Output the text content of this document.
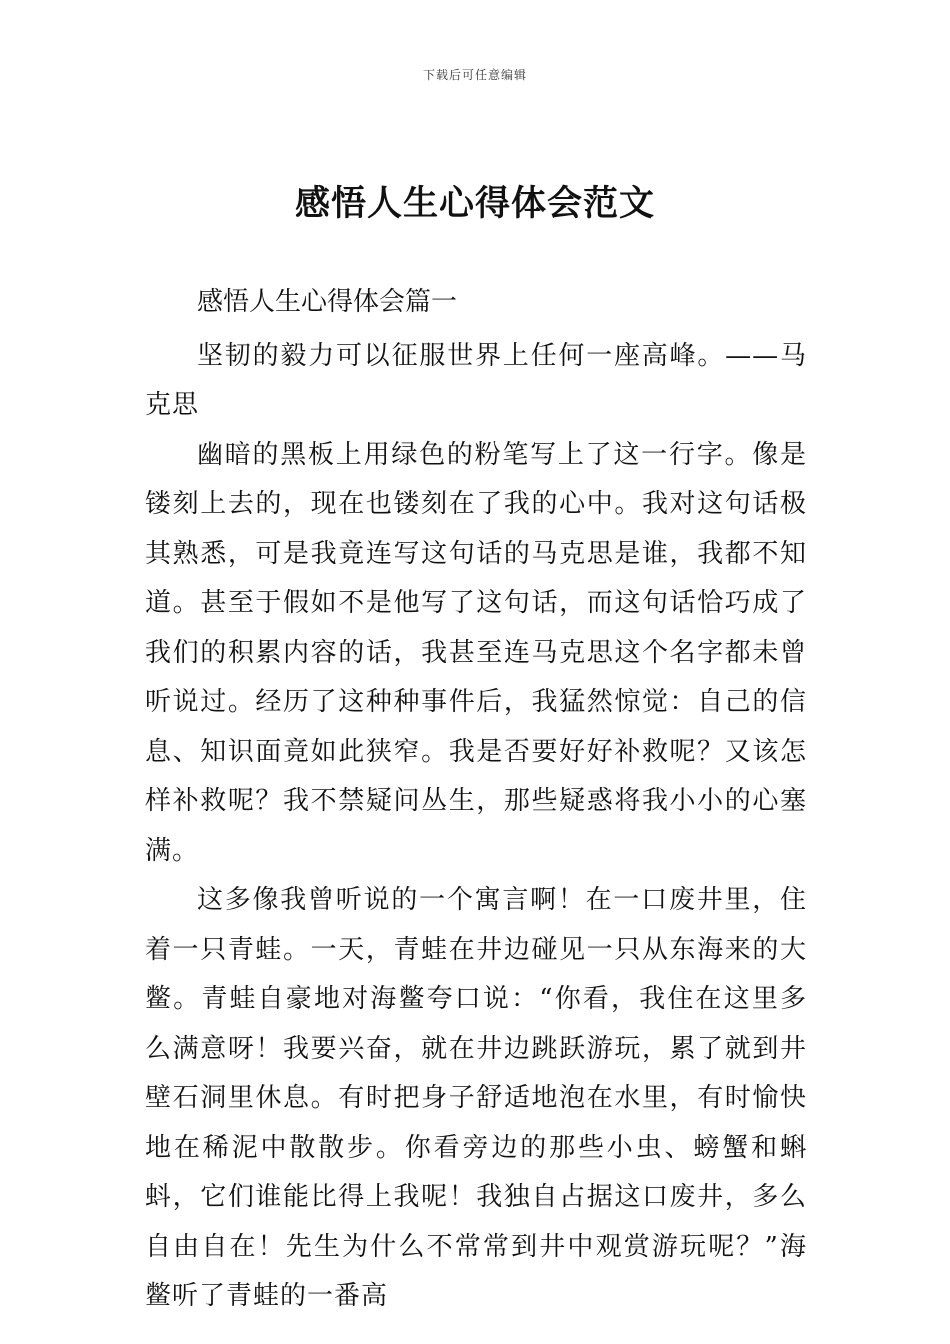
下载后可任意编辑
感悟人生心得体会范文

感悟人生心得体会篇一

坚韧的毅力可以征服世界上任何一座高峰。——马克思

幽暗的黑板上用绿色的粉笔写上了这一行字。像是镂刻上去的，现在也镂刻在了我的心中。我对这句话极其熟悉，可是我竟连写这句话的马克思是谁，我都不知道。甚至于假如不是他写了这句话，而这句话恰巧成了我们的积累内容的话，我甚至连马克思这个名字都未曾听说过。经历了这种种事件后，我猛然惊觉：自己的信息、知识面竟如此狭窄。我是否要好好补救呢？又该怎样补救呢？我不禁疑问丛生，那些疑惑将我小小的心塞满。

这多像我曾听说的一个寓言啊！在一口废井里，住着一只青蛙。一天，青蛙在井边碰见一只从东海来的大鳖。青蛙自豪地对海鳖夸口说：“你看，我住在这里多么满意呀！我要兴奋，就在井边跳跃游玩，累了就到井壁石洞里休息。有时把身子舒适地泡在水里，有时愉快地在稀泥中散散步。你看旁边的那些小虫、螃蟹和蝌蚪，它们谁能比得上我呢！我独自占据这口废井，多么自由自在！先生为什么不常常到井中观赏游玩呢？”海鳖听了青蛙的一番高
